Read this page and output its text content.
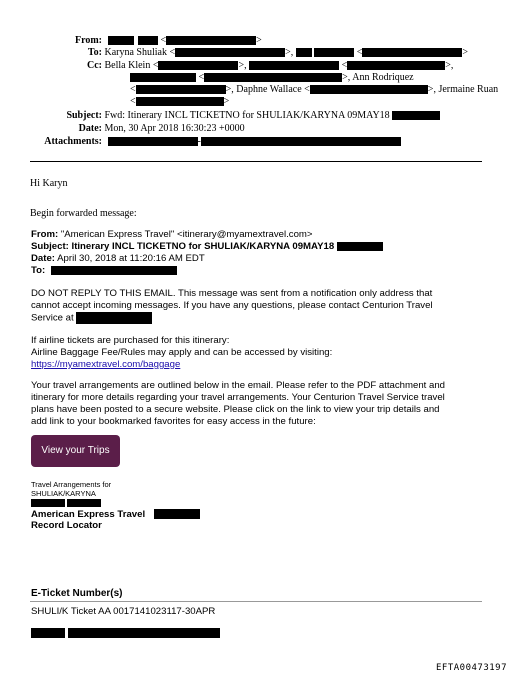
From:	<	>
To: Karyna Shuliak <	>,	<	>
Cc: Bella Klein <	>,	<	>,
<	>, Ann Rodriquez
<	>, Daphne Wallace <	>, Jermaine Ruan
<	>
Subject: Fwd: Itinerary INCL TICKETNO for SHULIAK/KARYNA 09MAY18
Date: Mon, 30 Apr 2018 16:30:23 +0000
Attachments:	-
Hi Karyn
Begin forwarded message:
From: "American Express Travel" <itinerary@myamextravel.com>
Subject: Itinerary INCL TICKETNO for SHULIAK/KARYNA 09MAY18
Date: April 30, 2018 at 11:20:16 AM EDT
To:
DO NOT REPLY TO THIS EMAIL. This message was sent from a notification only address that
cannot accept incoming messages. If you have any questions, please contact Centurion Travel
Service at
If airline tickets are purchased for this itinerary:
Airline Baggage Fee/Rules may apply and can be accessed by visiting:
https://myamextravel.com/baggage
Your travel arrangements are outlined below in the email. Please refer to the PDF attachment and
itinerary for more details regarding your travel arrangements. Your Centurion Travel Service travel
plans have been posted to a secure website. Please click on the link to view your trip details and
add link to your bookmarked favorites for easy access in the future:
View your Trips
Travel Arrangements for
SHULIAK/KARYNA
American Express Travel
Record Locator
E-Ticket Number(s)
SHULI/K Ticket AA 0017141023117-30APR
EFTA00473197
